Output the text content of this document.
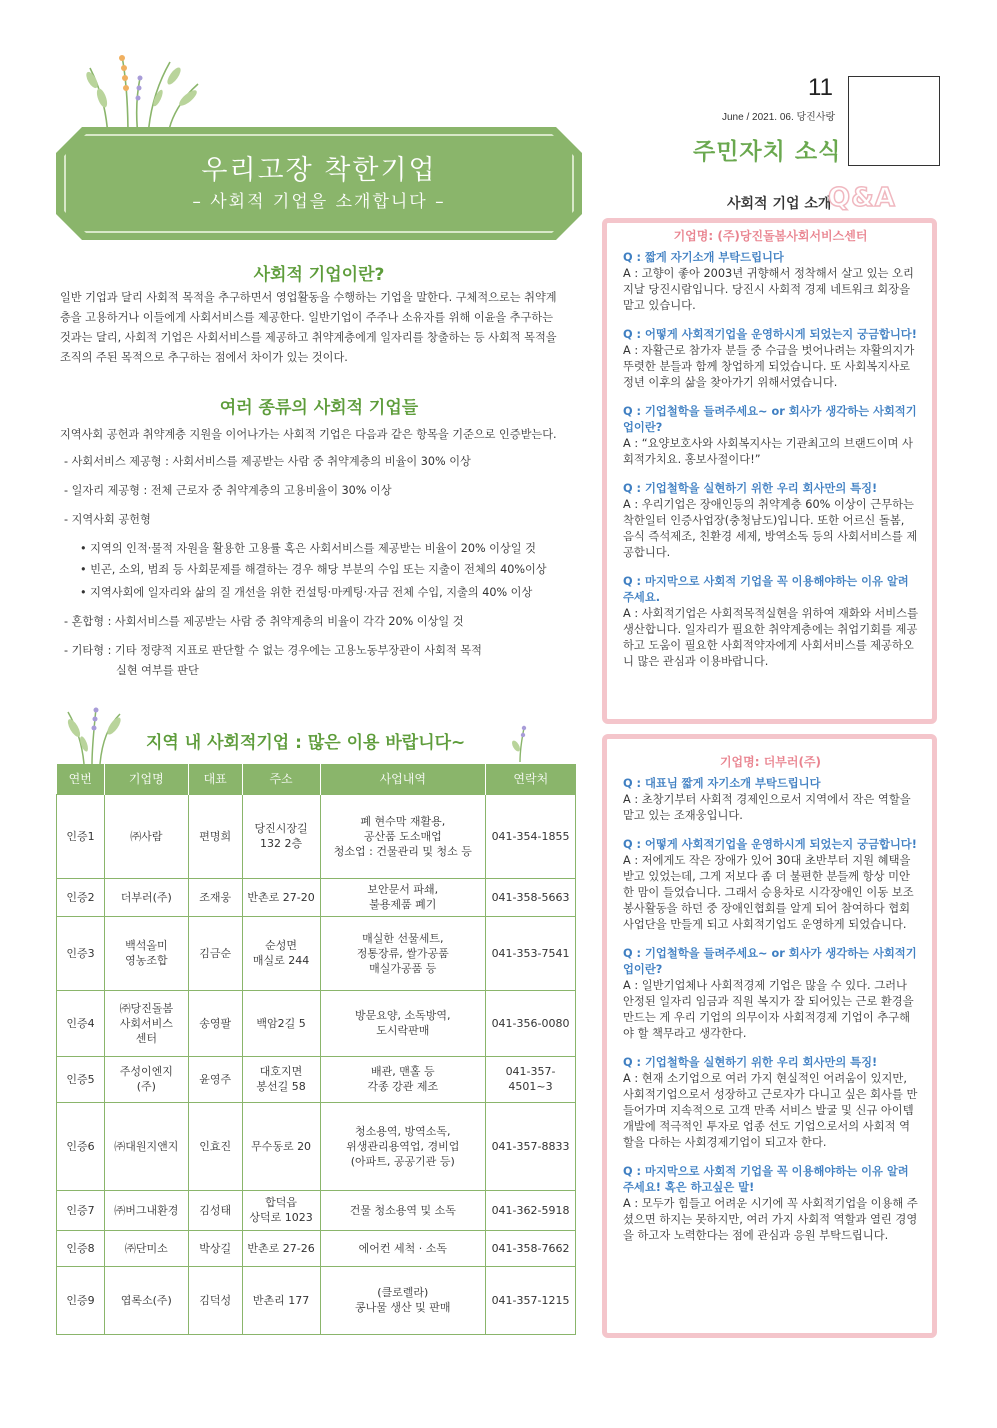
11
June / 2021. 06. 당진사랑
주민자치 소식
우리고장 착한기업
– 사회적 기업을 소개합니다 –
사회적 기업이란?
일반 기업과 달리 사회적 목적을 추구하면서 영업활동을 수행하는 기업을 말한다. 구체적으로는 취약계
층을 고용하거나 이들에게 사회서비스를 제공한다. 일반기업이 주주나 소유자를 위해 이윤을 추구하는
것과는 달리, 사회적 기업은 사회서비스를 제공하고 취약계층에게 일자리를 창출하는 등 사회적 목적을
조직의 주된 목적으로 추구하는 점에서 차이가 있는 것이다.
여러 종류의 사회적 기업들
지역사회 공헌과 취약계층 지원을 이어나가는 사회적 기업은 다음과 같은 항목을 기준으로 인증받는다.
- 사회서비스 제공형 : 사회서비스를 제공받는 사람 중 취약계층의 비율이 30% 이상
- 일자리 제공형 : 전체 근로자 중 취약계층의 고용비율이 30% 이상
- 지역사회 공헌형
• 지역의 인적·물적 자원을 활용한 고용률 혹은 사회서비스를 제공받는 비율이 20% 이상일 것
• 빈곤, 소외, 범죄 등 사회문제를 해결하는 경우 해당 부분의 수입 또는 지출이 전체의 40%이상
• 지역사회에 일자리와 삶의 질 개선을 위한 컨설팅·마케팅·자금 전체 수입, 지출의 40% 이상
- 혼합형 : 사회서비스를 제공받는 사람 중 취약계층의 비율이 각각 20% 이상일 것
- 기타형 : 기타 정량적 지표로 판단할 수 없는 경우에는 고용노동부장관이 사회적 목적
실현 여부를 판단
지역 내 사회적기업 : 많은 이용 바랍니다~
연번	기업명	대표	주소	사업내역	연락처
인증1	㈜사람	편명희	당진시장길
132 2층	폐 현수막 재활용,
공산품 도소매업
청소업 : 건물관리 및 청소 등	041-354-1855
인증2	더부러(주)	조재웅	반촌로 27-20	보안문서 파쇄,
불용제품 폐기	041-358-5663
인증3	백석올미
영농조합	김금순	순성면
매실로 244	매실한 선물세트,
정통장류, 쌀가공품
매실가공품 등	041-353-7541
인증4	㈜당진돌봄
사회서비스
센터	송영팔	백암2길 5	방문요양, 소독방역,
도시락판매	041-356-0080
인증5	주성이엔지
(주)	윤영주	대호지면
봉선길 58	배관, 맨홀 등
각종 강관 제조	041-357-
4501~3
인증6	㈜대원지앤지	인효진	무수동로 20	청소용역, 방역소독,
위생관리용역업, 경비업
(아파트, 공공기관 등)	041-357-8833
인증7	㈜버그내환경	김성태	합덕읍
상덕로 1023	건물 청소용역 및 소독	041-362-5918
인증8	㈜단미소	박상길	반촌로 27-26	에어컨 세척 · 소독	041-358-7662
인증9	엽록소(주)	김덕성	반촌리 177	(클로렐라)
콩나물 생산 및 판매	041-357-1215
사회적 기업 소개
Q&A
기업명: (주)당진돌봄사회서비스센터
Q : 짧게 자기소개 부탁드립니다
A : 고향이 좋아 2003년 귀향해서 정착해서 살고 있는 오리지날 당진시람입니다. 당진시 사회적 경제 네트워크 회장을 맡고 있습니다.
Q : 어떻게 사회적기업을 운영하시게 되었는지 궁금합니다!
A : 자활근로 참가자 분들 중 수급을 벗어나려는 자활의지가 뚜렷한 분들과 함께 창업하게 되었습니다. 또 사회복지사로 정년 이후의 삶을 찾아가기 위해서였습니다.
Q : 기업철학을 들려주세요~ or 회사가 생각하는 사회적기업이란?
A : “요양보호사와 사회복지사는 기관최고의 브랜드이며 사회적가치요. 홍보사절이다!”
Q : 기업철학을 실현하기 위한 우리 회사만의 특징!
A : 우리기업은 장애인등의 취약계층 60% 이상이 근무하는 착한일터 인증사업장(충청남도)입니다. 또한 어르신 돌봄, 음식 즉석제조, 친환경 세제, 방역소독 등의 사회서비스를 제공합니다.
Q : 마지막으로 사회적 기업을 꼭 이용해야하는 이유 알려주세요.
A : 사회적기업은 사회적목적실현을 위하여 재화와 서비스를 생산합니다. 일자리가 필요한 취약계층에는 취업기회를 제공하고 도움이 필요한 사회적약자에게 사회서비스를 제공하오니 많은 관심과 이용바랍니다.
기업명: 더부러(주)
Q : 대표님 짧게 자기소개 부탁드립니다
A : 초창기부터 사회적 경제인으로서 지역에서 작은 역할을 맡고 있는 조재웅입니다.
Q : 어떻게 사회적기업을 운영하시게 되었는지 궁금합니다!
A : 저에게도 작은 장애가 있어 30대 초반부터 지원 혜택을 받고 있었는데, 그게 저보다 좀 더 불편한 분들께 항상 미안한 맘이 들었습니다. 그래서 승용차로 시각장애인 이동 보조 봉사활동을 하던 중 장애인협회를 알게 되어 참여하다 협회 사업단을 만들게 되고 사회적기업도 운영하게 되었습니다.
Q : 기업철학을 들려주세요~ or 회사가 생각하는 사회적기업이란?
A : 일반기업체나 사회적경제 기업은 많을 수 있다. 그러나 안정된 일자리 임금과 직원 복지가 잘 되어있는 근로 환경을 만드는 게 우리 기업의 의무이자 사회적경제 기업이 추구해야 할 책무라고 생각한다.
Q : 기업철학을 실현하기 위한 우리 회사만의 특징!
A : 현재 소기업으로 여러 가지 현실적인 어려움이 있지만, 사회적기업으로서 성장하고 근로자가 다니고 싶은 회사를 만들어가며 지속적으로 고객 만족 서비스 발굴 및 신규 아이템 개발에 적극적인 투자로 업종 선도 기업으로서의 사회적 역할을 다하는 사회경제기업이 되고자 한다.
Q : 마지막으로 사회적 기업을 꼭 이용해야하는 이유 알려주세요! 혹은 하고싶은 말!
A : 모두가 힘들고 어려운 시기에 꼭 사회적기업을 이용해 주셨으면 하지는 못하지만, 여러 가지 사회적 역할과 열린 경영을 하고자 노력한다는 점에 관심과 응원 부탁드립니다.
